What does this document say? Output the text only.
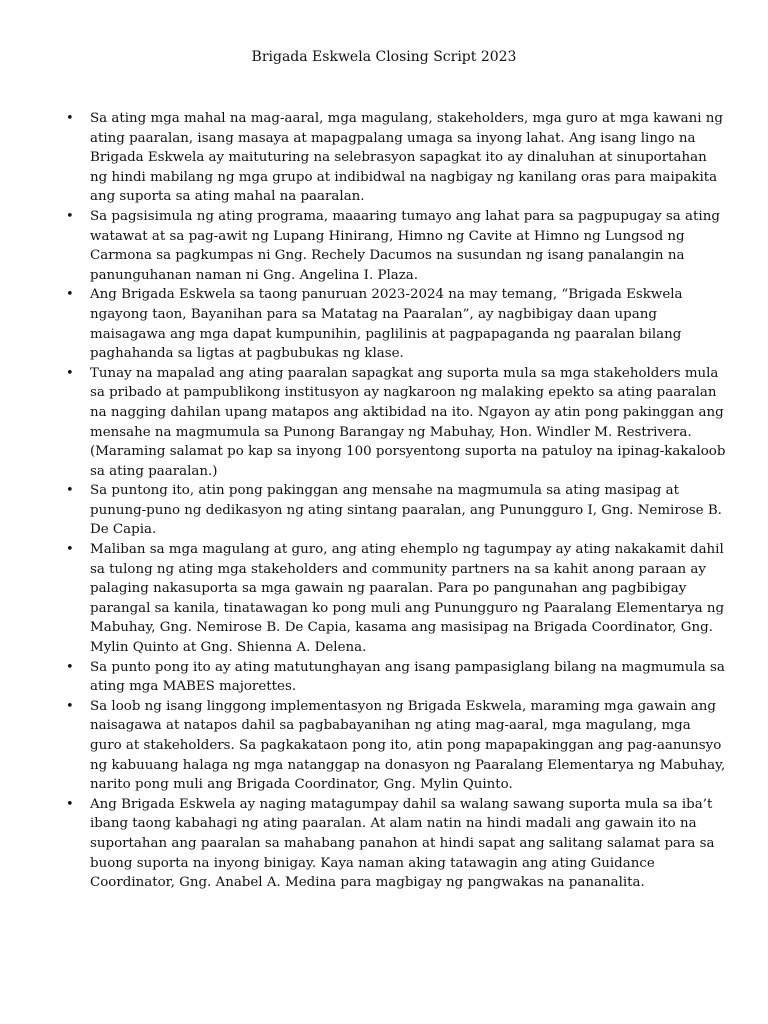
Brigada Eskwela Closing Script 2023
• Sa ating mga mahal na mag-aaral, mga magulang, stakeholders, mga guro at mga kawani ng ating paaralan, isang masaya at mapagpalang umaga sa inyong lahat. Ang isang lingo na Brigada Eskwela ay maituturing na selebrasyon sapagkat ito ay dinaluhan at sinuportahan ng hindi mabilang ng mga grupo at indibidwal na nagbigay ng kanilang oras para maipakita ang suporta sa ating mahal na paaralan.
• Sa pagsisimula ng ating programa, maaaring tumayo ang lahat para sa pagpupugay sa ating watawat at sa pag-awit ng Lupang Hinirang, Himno ng Cavite at Himno ng Lungsod ng Carmona sa pagkumpas ni Gng. Rechely Dacumos na susundan ng isang panalangin na panunguhanan naman ni Gng. Angelina I. Plaza.
• Ang Brigada Eskwela sa taong panuruan 2023-2024 na may temang, “Brigada Eskwela ngayong taon, Bayanihan para sa Matatag na Paaralan”, ay nagbibigay daan upang maisagawa ang mga dapat kumpunihin, paglilinis at pagpapaganda ng paaralan bilang paghahanda sa ligtas at pagbubukas ng klase.
• Tunay na mapalad ang ating paaralan sapagkat ang suporta mula sa mga stakeholders mula sa pribado at pampublikong institusyon ay nagkaroon ng malaking epekto sa ating paaralan na nagging dahilan upang matapos ang aktibidad na ito. Ngayon ay atin pong pakinggan ang mensahe na magmumula sa Punong Barangay ng Mabuhay, Hon. Windler M. Restrivera. (Maraming salamat po kap sa inyong 100 porsyentong suporta na patuloy na ipinag-kakaloob sa ating paaralan.)
• Sa puntong ito, atin pong pakinggan ang mensahe na magmumula sa ating masipag at punung-puno ng dedikasyon ng ating sintang paaralan, ang Punungguro I, Gng. Nemirose B. De Capia.
• Maliban sa mga magulang at guro, ang ating ehemplo ng tagumpay ay ating nakakamit dahil sa tulong ng ating mga stakeholders and community partners na sa kahit anong paraan ay palaging nakasuporta sa mga gawain ng paaralan. Para po pangunahan ang pagbibigay parangal sa kanila, tinatawagan ko pong muli ang Punungguro ng Paaralang Elementarya ng Mabuhay, Gng. Nemirose B. De Capia, kasama ang masisipag na Brigada Coordinator, Gng. Mylin Quinto at Gng. Shienna A. Delena.
• Sa punto pong ito ay ating matutunghayan ang isang pampasiglang bilang na magmumula sa ating mga MABES majorettes.
• Sa loob ng isang linggong implementasyon ng Brigada Eskwela, maraming mga gawain ang naisagawa at natapos dahil sa pagbabayanihan ng ating mag-aaral, mga magulang, mga guro at stakeholders. Sa pagkakataon pong ito, atin pong mapapakinggan ang pag-aanunsyo ng kabuuang halaga ng mga natanggap na donasyon ng Paaralang Elementarya ng Mabuhay, narito pong muli ang Brigada Coordinator, Gng. Mylin Quinto.
• Ang Brigada Eskwela ay naging matagumpay dahil sa walang sawang suporta mula sa iba’t ibang taong kabahagi ng ating paaralan. At alam natin na hindi madali ang gawain ito na suportahan ang paaralan sa mahabang panahon at hindi sapat ang salitang salamat para sa buong suporta na inyong binigay. Kaya naman aking tatawagin ang ating Guidance Coordinator, Gng. Anabel A. Medina para magbigay ng pangwakas na pananalita.
